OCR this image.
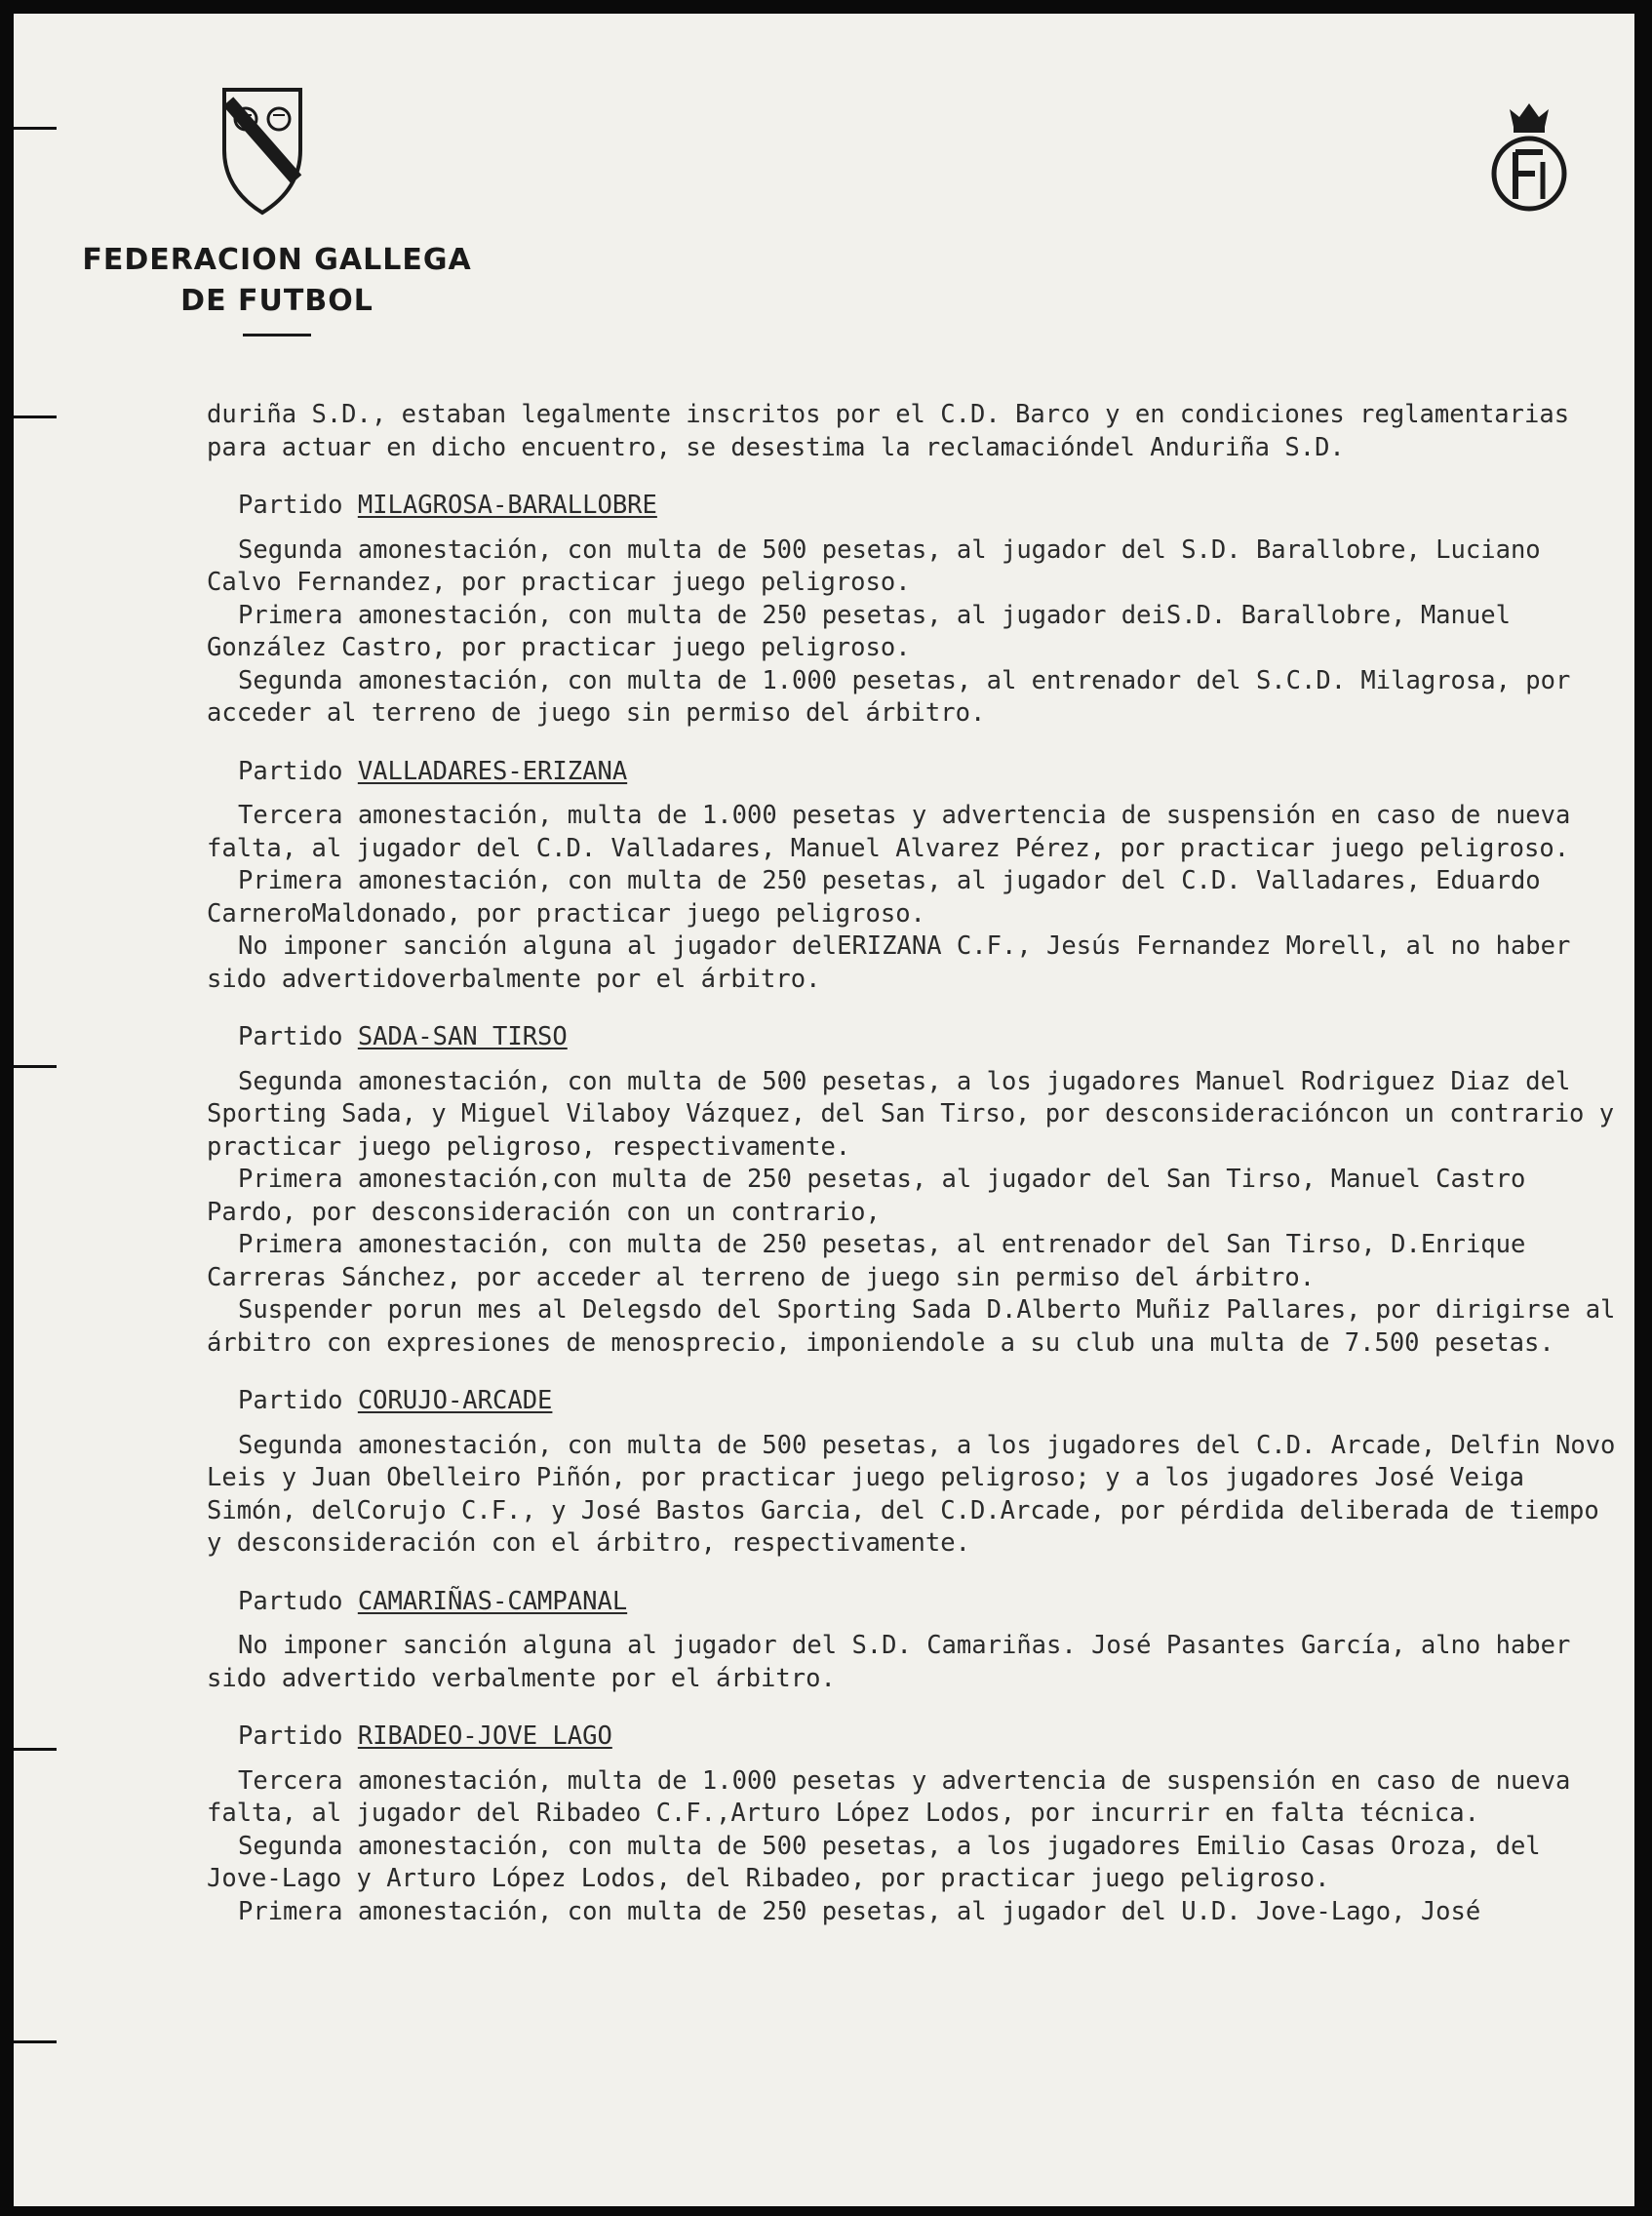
FEDERACION GALLEGA
DE FUTBOL

duriña S.D., estaban legalmente inscritos por el C.D. Barco y en condiciones reglamentarias para actuar en dicho encuentro, se desestima la reclamacióndel Anduriña S.D.

Partido MILAGROSA-BARALLOBRE

Segunda amonestación, con multa de 500 pesetas, al jugador del S.D. Barallobre, Luciano Calvo Fernandez, por practicar juego peligroso.

Primera amonestación, con multa de 250 pesetas, al jugador deiS.D. Barallobre, Manuel González Castro, por practicar juego peligroso.

Segunda amonestación, con multa de 1.000 pesetas, al entrenador del S.C.D. Milagrosa, por acceder al terreno de juego sin permiso del árbitro.

Partido VALLADARES-ERIZANA

Tercera amonestación, multa de 1.000 pesetas y advertencia de suspensión en caso de nueva falta, al jugador del C.D. Valladares, Manuel Alvarez Pérez, por practicar juego peligroso.

Primera amonestación, con multa de 250 pesetas, al jugador del C.D. Valladares, Eduardo CarneroMaldonado, por practicar juego peligroso.

No imponer sanción alguna al jugador delERIZANA C.F., Jesús Fernandez Morell, al no haber sido advertidoverbalmente por el árbitro.

Partido SADA-SAN TIRSO

Segunda amonestación, con multa de 500 pesetas, a los jugadores Manuel Rodriguez Diaz del Sporting Sada, y Miguel Vilaboy Vázquez, del San Tirso, por desconsideracióncon un contrario y practicar juego peligroso, respectivamente.

Primera amonestación,con multa de 250 pesetas, al jugador del San Tirso, Manuel Castro Pardo, por desconsideración con un contrario,

Primera amonestación, con multa de 250 pesetas, al entrenador del San Tirso, D.Enrique Carreras Sánchez, por acceder al terreno de juego sin permiso del árbitro.

Suspender porun mes al Delegsdo del Sporting Sada D.Alberto Muñiz Pallares, por dirigirse al árbitro con expresiones de menosprecio, imponiendole a su club una multa de 7.500 pesetas.

Partido CORUJO-ARCADE

Segunda amonestación, con multa de 500 pesetas, a los jugadores del C.D. Arcade, Delfin Novo Leis y Juan Obelleiro Piñón, por practicar juego peligroso; y a los jugadores José Veiga Simón, delCorujo C.F., y José Bastos Garcia, del C.D.Arcade, por pérdida deliberada de tiempo y desconsideración con el árbitro, respectivamente.

Partudo CAMARIÑAS-CAMPANAL

No imponer sanción alguna al jugador del S.D. Camariñas. José Pasantes García, alno haber sido advertido verbalmente por el árbitro.

Partido RIBADEO-JOVE LAGO

Tercera amonestación, multa de 1.000 pesetas y advertencia de suspensión en caso de nueva falta, al jugador del Ribadeo C.F.,Arturo López Lodos, por incurrir en falta técnica.

Segunda amonestación, con multa de 500 pesetas, a los jugadores Emilio Casas Oroza, del Jove-Lago y Arturo López Lodos, del Ribadeo, por practicar juego peligroso.

Primera amonestación, con multa de 250 pesetas, al jugador del U.D. Jove-Lago, José
